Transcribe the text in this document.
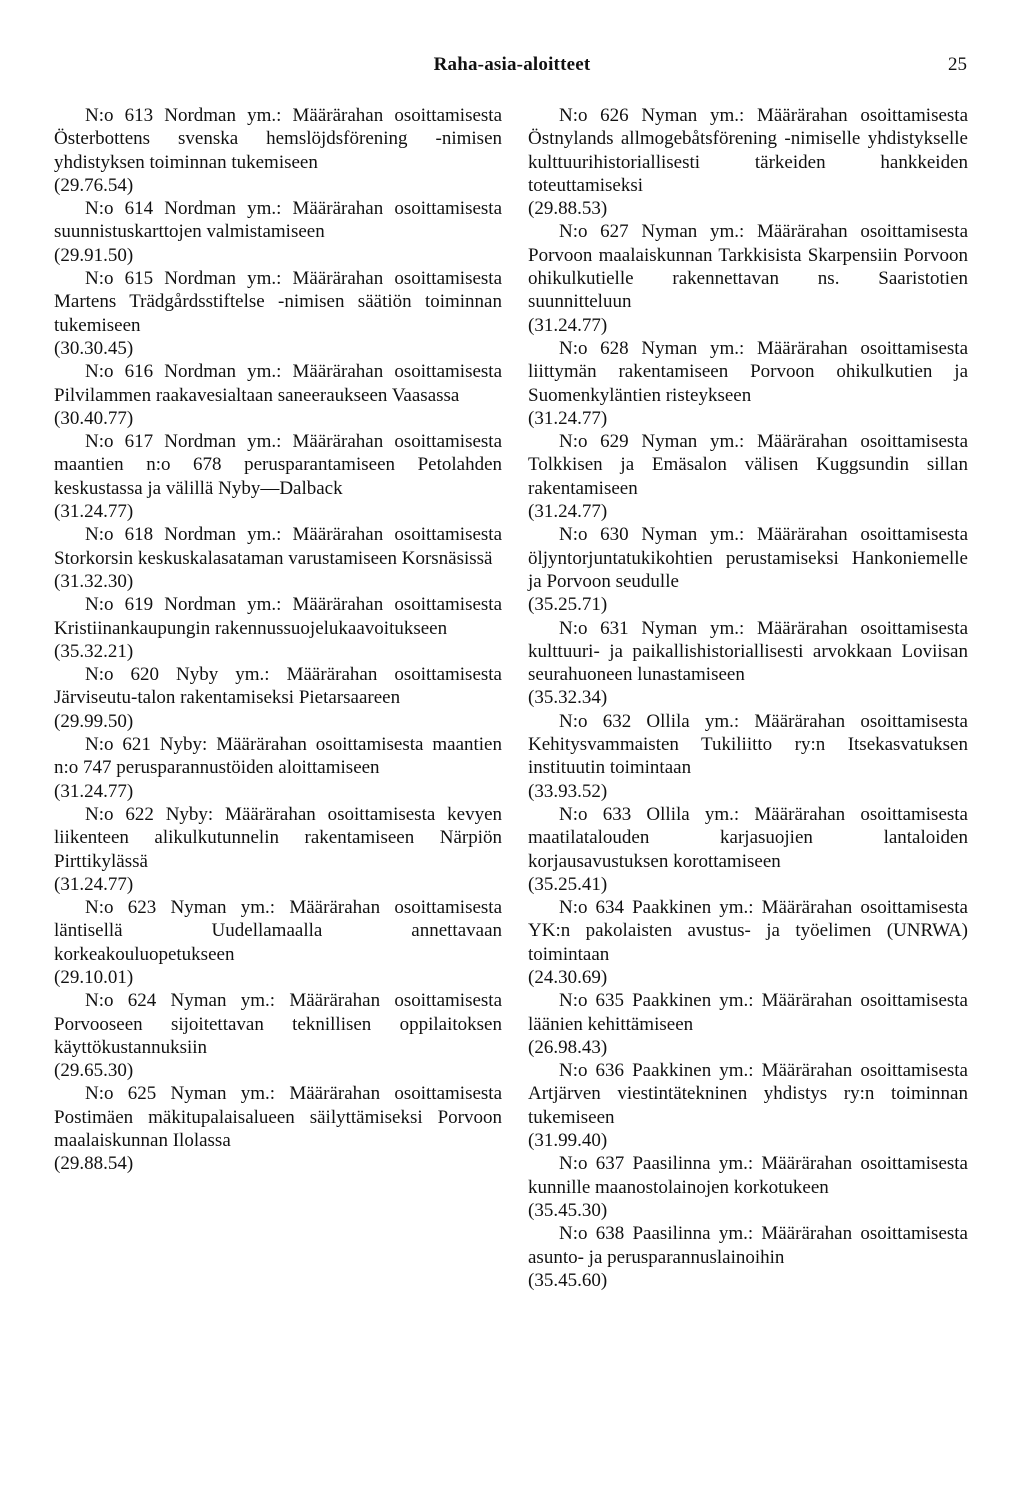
Raha-asia-aloitteet	25

N:o 613 Nordman ym.: Määrärahan osoittamisesta Österbottens svenska hemslöjdsförening -nimisen yhdistyksen toiminnan tukemiseen

(29.76.54)

N:o 614 Nordman ym.: Määrärahan osoittamisesta suunnistuskarttojen valmistamiseen

(29.91.50)

N:o 615 Nordman ym.: Määrärahan osoittamisesta Martens Trädgårdsstiftelse -nimisen säätiön toiminnan tukemiseen

(30.30.45)

N:o 616 Nordman ym.: Määrärahan osoittamisesta Pilvilammen raakavesialtaan saneeraukseen Vaasassa

(30.40.77)

N:o 617 Nordman ym.: Määrärahan osoittamisesta maantien n:o 678 perusparantamiseen Petolahden keskustassa ja välillä Nyby—Dalback

(31.24.77)

N:o 618 Nordman ym.: Määrärahan osoittamisesta Storkorsin keskuskalasataman varustamiseen Korsnäsissä

(31.32.30)

N:o 619 Nordman ym.: Määrärahan osoittamisesta Kristiinankaupungin rakennussuojelukaavoitukseen

(35.32.21)

N:o 620 Nyby ym.: Määrärahan osoittamisesta Järviseutu-talon rakentamiseksi Pietarsaareen

(29.99.50)

N:o 621 Nyby: Määrärahan osoittamisesta maantien n:o 747 perusparannustöiden aloittamiseen

(31.24.77)

N:o 622 Nyby: Määrärahan osoittamisesta kevyen liikenteen alikulkutunnelin rakentamiseen Närpiön Pirttikylässä

(31.24.77)

N:o 623 Nyman ym.: Määrärahan osoittamisesta läntisellä Uudellamaalla annettavaan korkeakouluopetukseen

(29.10.01)

N:o 624 Nyman ym.: Määrärahan osoittamisesta Porvooseen sijoitettavan teknillisen oppilaitoksen käyttökustannuksiin

(29.65.30)

N:o 625 Nyman ym.: Määrärahan osoittamisesta Postimäen mäkitupalaisalueen säilyttämiseksi Porvoon maalaiskunnan Ilolassa

(29.88.54)

N:o 626 Nyman ym.: Määrärahan osoittamisesta Östnylands allmogebåtsförening -nimiselle yhdistykselle kulttuurihistoriallisesti tärkeiden hankkeiden toteuttamiseksi

(29.88.53)

N:o 627 Nyman ym.: Määrärahan osoittamisesta Porvoon maalaiskunnan Tarkkisista Skarpensiin Porvoon ohikulkutielle rakennettavan ns. Saaristotien suunnitteluun

(31.24.77)

N:o 628 Nyman ym.: Määrärahan osoittamisesta liittymän rakentamiseen Porvoon ohikulkutien ja Suomenkyläntien risteykseen

(31.24.77)

N:o 629 Nyman ym.: Määrärahan osoittamisesta Tolkkisen ja Emäsalon välisen Kuggsundin sillan rakentamiseen

(31.24.77)

N:o 630 Nyman ym.: Määrärahan osoittamisesta öljyntorjuntatukikohtien perustamiseksi Hankoniemelle ja Porvoon seudulle

(35.25.71)

N:o 631 Nyman ym.: Määrärahan osoittamisesta kulttuuri- ja paikallishistoriallisesti arvokkaan Loviisan seurahuoneen lunastamiseen

(35.32.34)

N:o 632 Ollila ym.: Määrärahan osoittamisesta Kehitysvammaisten Tukiliitto ry:n Itsekasvatuksen instituutin toimintaan

(33.93.52)

N:o 633 Ollila ym.: Määrärahan osoittamisesta maatilatalouden karjasuojien lantaloiden korjausavustuksen korottamiseen

(35.25.41)

N:o 634 Paakkinen ym.: Määrärahan osoittamisesta YK:n pakolaisten avustus- ja työelimen (UNRWA) toimintaan

(24.30.69)

N:o 635 Paakkinen ym.: Määrärahan osoittamisesta läänien kehittämiseen

(26.98.43)

N:o 636 Paakkinen ym.: Määrärahan osoittamisesta Artjärven viestintätekninen yhdistys ry:n toiminnan tukemiseen

(31.99.40)

N:o 637 Paasilinna ym.: Määrärahan osoittamisesta kunnille maanostolainojen korkotukeen

(35.45.30)

N:o 638 Paasilinna ym.: Määrärahan osoittamisesta asunto- ja perusparannuslainoihin

(35.45.60)
